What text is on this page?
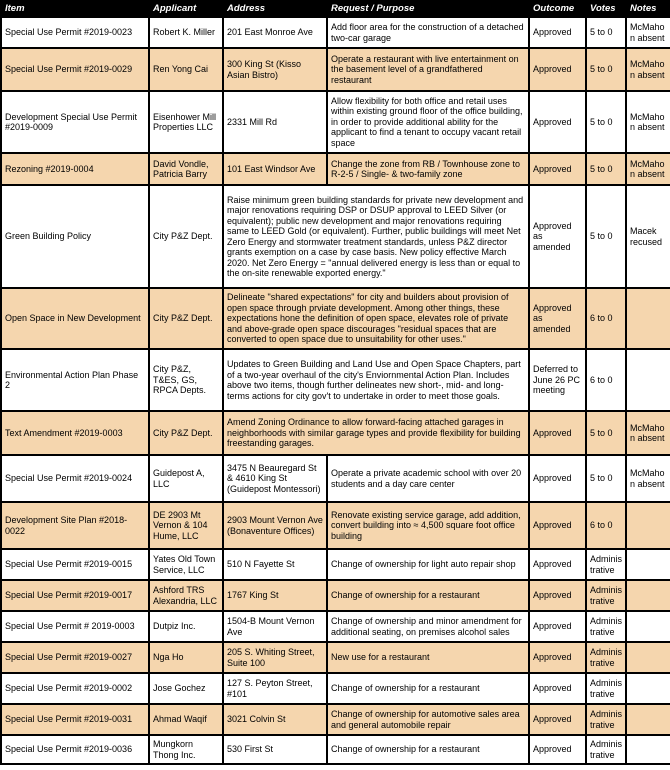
Item	Applicant	Address	Request / Purpose	Outcome	Votes	Notes
Special Use Permit #2019-0023	Robert K. Miller	201 East Monroe Ave	Add floor area for the construction of a detached two-car garage	Approved	5 to 0	McMahon absent
Special Use Permit #2019-0029	Ren Yong Cai	300 King St (Kisso Asian Bistro)	Operate a restaurant with live entertainment on the basement level of a grandfathered restaurant	Approved	5 to 0	McMahon absent
Development Special Use Permit #2019-0009	Eisenhower Mill Properties LLC	2331 Mill Rd	Allow flexibility for both office and retail uses within existing ground floor of the office building, in order to provide additional ability for the applicant to find a tenant to occupy vacant retail space	Approved	5 to 0	McMahon absent
Rezoning #2019-0004	David Vondle, Patricia Barry	101 East Windsor Ave	Change the zone from RB / Townhouse zone to R-2-5 / Single- & two-family zone	Approved	5 to 0	McMahon absent
Green Building Policy	City P&Z Dept.	Raise minimum green building standards for private new development and major renovations requiring DSP or DSUP approval to LEED Silver (or equivalent); public new development and major renovations requiring same to LEED Gold (or equivalent). Further, public buildings will meet Net Zero Energy and stormwater treatment standards, unless P&Z director grants exemption on a case by case basis. New policy effective March 2020. Net Zero Energy = "annual delivered energy is less than or equal to the on-site renewable exported energy."		Approved as amended	5 to 0	Macek recused
Open Space in New Development	City P&Z Dept.	Delineate "shared expectations" for city and builders about provision of open space through prviate development. Among other things, these expectations hone the definition of open space, elevates role of private and above-grade open space discourages "residual spaces that are converted to open space due to unsuitability for other uses."		Approved as amended	6 to 0	
Environmental Action Plan Phase 2	City P&Z, T&ES, GS, RPCA Depts.	Updates to Green Building and Land Use and Open Space Chapters, part of a two-year overhaul of the city's Enviornmental Action Plan. Includes above two items, though further delineates new short-, mid- and long-terms actions for city gov't to undertake in order to meet those goals.		Deferred to June 26 PC meeting	6 to 0	
Text Amendment #2019-0003	City P&Z Dept.	Amend Zoning Ordinance to allow forward-facing attached garages in neighborhoods with similar garage types and provide flexibility for building freestanding garages.		Approved	5 to 0	McMahon absent
Special Use Permit #2019-0024	Guidepost A, LLC	3475 N Beauregard St & 4610 King St (Guidepost Montessori)	Operate a private academic school with over 20 students and a day care center	Approved	5 to 0	McMahon absent
Development Site Plan #2018-0022	DE 2903 Mt Vernon & 104 Hume, LLC	2903 Mount Vernon Ave (Bonaventure Offices)	Renovate existing service garage, add addition, convert building into ≈ 4,500 square foot office building	Approved	6 to 0	
Special Use Permit #2019-0015	Yates Old Town Service, LLC	510 N Fayette St	Change of ownership for light auto repair shop	Approved	Administrative	
Special Use Permit #2019-0017	Ashford TRS Alexandria, LLC	1767 King St	Change of ownership for a restaurant	Approved	Administrative	
Special Use Permit # 2019-0003	Dutpiz Inc.	1504-B Mount Vernon Ave	Change of ownership and minor amendment for additional seating, on premises alcohol sales	Approved	Administrative	
Special Use Permit #2019-0027	Nga Ho	205 S. Whiting Street, Suite 100	New use for a restaurant	Approved	Administrative	
Special Use Permit #2019-0002	Jose Gochez	127 S. Peyton Street, #101	Change of ownership for a restaurant	Approved	Administrative	
Special Use Permit #2019-0031	Ahmad Waqif	3021 Colvin St	Change of ownership for automotive sales area and general automobile repair	Approved	Administrative	
Special Use Permit #2019-0036	Mungkorn Thong Inc.	530 First St	Change of ownership for a restaurant	Approved	Administrative	
